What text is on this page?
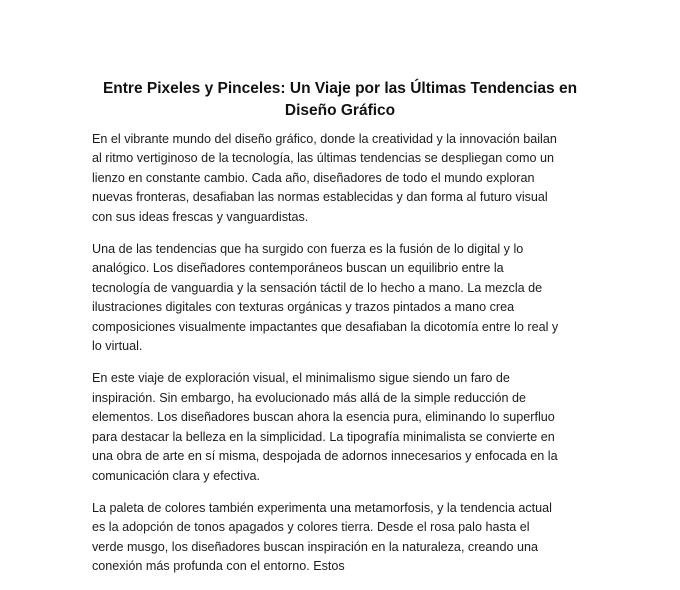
Entre Pixeles y Pinceles: Un Viaje por las Últimas Tendencias en Diseño Gráfico

En el vibrante mundo del diseño gráfico, donde la creatividad y la innovación bailan al ritmo vertiginoso de la tecnología, las últimas tendencias se despliegan como un lienzo en constante cambio. Cada año, diseñadores de todo el mundo exploran nuevas fronteras, desafiaban las normas establecidas y dan forma al futuro visual con sus ideas frescas y vanguardistas.

Una de las tendencias que ha surgido con fuerza es la fusión de lo digital y lo analógico. Los diseñadores contemporáneos buscan un equilibrio entre la tecnología de vanguardia y la sensación táctil de lo hecho a mano. La mezcla de ilustraciones digitales con texturas orgánicas y trazos pintados a mano crea composiciones visualmente impactantes que desafiaban la dicotomía entre lo real y lo virtual.

En este viaje de exploración visual, el minimalismo sigue siendo un faro de inspiración. Sin embargo, ha evolucionado más allá de la simple reducción de elementos. Los diseñadores buscan ahora la esencia pura, eliminando lo superfluo para destacar la belleza en la simplicidad. La tipografía minimalista se convierte en una obra de arte en sí misma, despojada de adornos innecesarios y enfocada en la comunicación clara y efectiva.

La paleta de colores también experimenta una metamorfosis, y la tendencia actual es la adopción de tonos apagados y colores tierra. Desde el rosa palo hasta el verde musgo, los diseñadores buscan inspiración en la naturaleza, creando una conexión más profunda con el entorno. Estos
